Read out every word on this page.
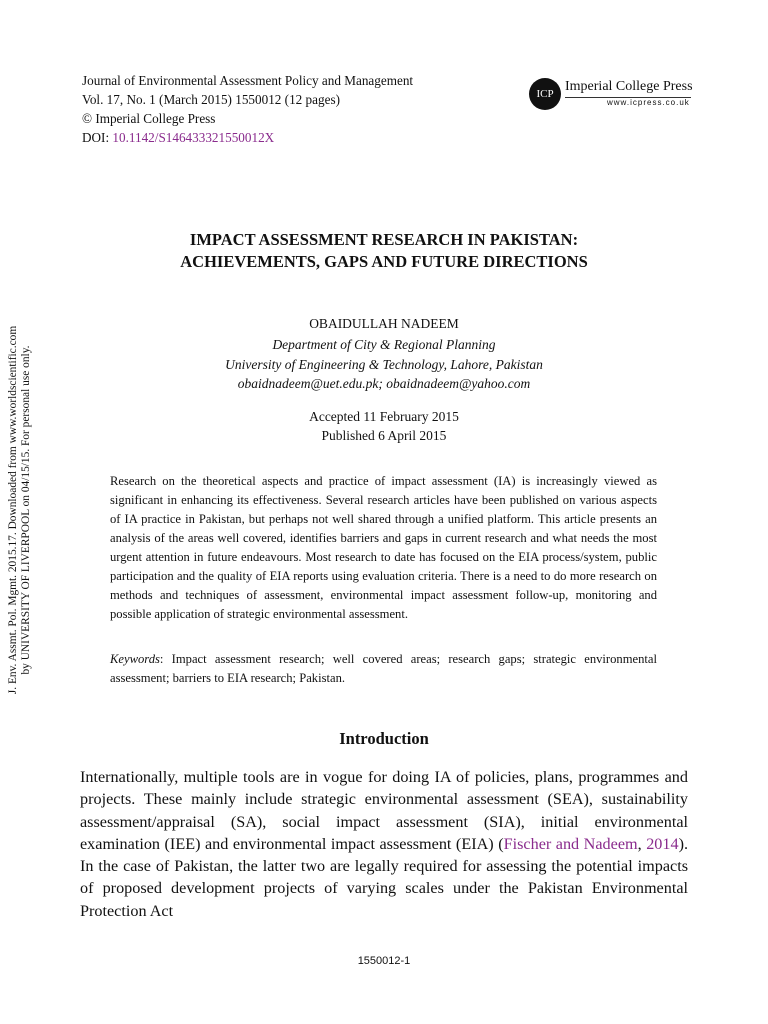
Journal of Environmental Assessment Policy and Management
Vol. 17, No. 1 (March 2015) 1550012 (12 pages)
© Imperial College Press
DOI: 10.1142/S146433321550012X
ICP Imperial College Press
www.icpress.co.uk
J. Env. Assmt. Pol. Mgmt. 2015.17. Downloaded from www.worldscientific.com by UNIVERSITY OF LIVERPOOL on 04/15/15. For personal use only.
IMPACT ASSESSMENT RESEARCH IN PAKISTAN:
ACHIEVEMENTS, GAPS AND FUTURE DIRECTIONS
OBAIDULLAH NADEEM
Department of City & Regional Planning
University of Engineering & Technology, Lahore, Pakistan
obaidnadeem@uet.edu.pk; obaidnadeem@yahoo.com
Accepted 11 February 2015
Published 6 April 2015
Research on the theoretical aspects and practice of impact assessment (IA) is increasingly viewed as significant in enhancing its effectiveness. Several research articles have been published on various aspects of IA practice in Pakistan, but perhaps not well shared through a unified platform. This article presents an analysis of the areas well covered, identifies barriers and gaps in current research and what needs the most urgent attention in future endeavours. Most research to date has focused on the EIA process/system, public participation and the quality of EIA reports using evaluation criteria. There is a need to do more research on methods and techniques of assessment, environmental impact assessment follow-up, monitoring and possible application of strategic environmental assessment.
Keywords: Impact assessment research; well covered areas; research gaps; strategic environmental assessment; barriers to EIA research; Pakistan.
Introduction
Internationally, multiple tools are in vogue for doing IA of policies, plans, programmes and projects. These mainly include strategic environmental assessment (SEA), sustainability assessment/appraisal (SA), social impact assessment (SIA), initial environmental examination (IEE) and environmental impact assessment (EIA) (Fischer and Nadeem, 2014). In the case of Pakistan, the latter two are legally required for assessing the potential impacts of proposed development projects of varying scales under the Pakistan Environmental Protection Act
1550012-1
